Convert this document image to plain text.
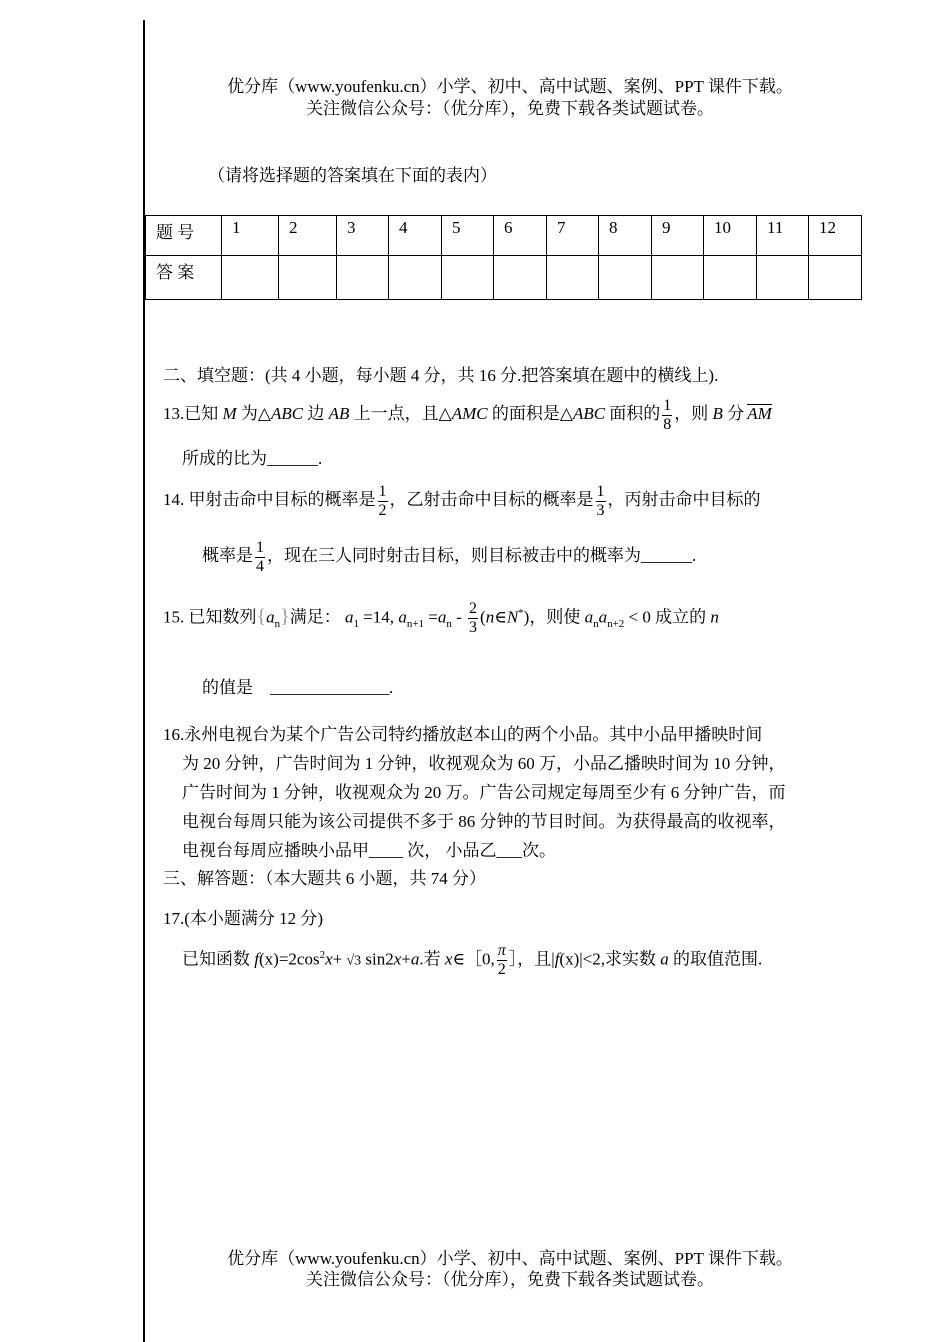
优分库（www.youfenku.cn）小学、初中、高中试题、案例、PPT 课件下载。
关注微信公众号：（优分库），免费下载各类试题试卷。
（请将选择题的答案填在下面的表内）
题 号	1	2	3	4	5	6	7	8	9	10	11	12
答 案												
二、填空题：(共 4 小题，每小题 4 分，共 16 分.把答案填在题中的横线上).
13.已知 M 为△ABC 边 AB 上一点，且△AMC 的面积是△ABC 面积的 $\frac{1}{8}$ ，则 B 分 AM
所成的比为______.
14. 甲射击命中目标的概率是 $\frac{1}{2}$ ，乙射击命中目标的概率是 $\frac{1}{3}$ ，丙射击命中目标的
概率是 $\frac{1}{4}$ ，现在三人同时射击目标，则目标被击中的概率为______.
15. 已知数列$\{a_n\}$满足： $a_1 =14$, $a_{n+1} =a_n - \frac{2}{3}$ (n∈N*)，则使 $a_na_{n+2} < 0$ 成立的 n
的值是 ______________.
16.永州电视台为某个广告公司特约播放赵本山的两个小品。其中小品甲播映时间
为 20 分钟，广告时间为 1 分钟，收视观众为 60 万，小品乙播映时间为 10 分钟，
广告时间为 1 分钟，收视观众为 20 万。广告公司规定每周至少有 6 分钟广告，而
电视台每周只能为该公司提供不多于 86 分钟的节目时间。为获得最高的收视率，
电视台每周应播映小品甲____ 次， 小品乙___次。
三、解答题：（本大题共 6 小题，共 74 分）
17.(本小题满分 12 分)
已知函数 $f(x)=2\cos^2x+ √3$ sin2x+a.若 x∈［0, $\frac{\pi}{2}$ ］，且|f(x)|<2,求实数 a 的取值范围.
优分库（www.youfenku.cn）小学、初中、高中试题、案例、PPT 课件下载。
关注微信公众号：（优分库），免费下载各类试题试卷。
